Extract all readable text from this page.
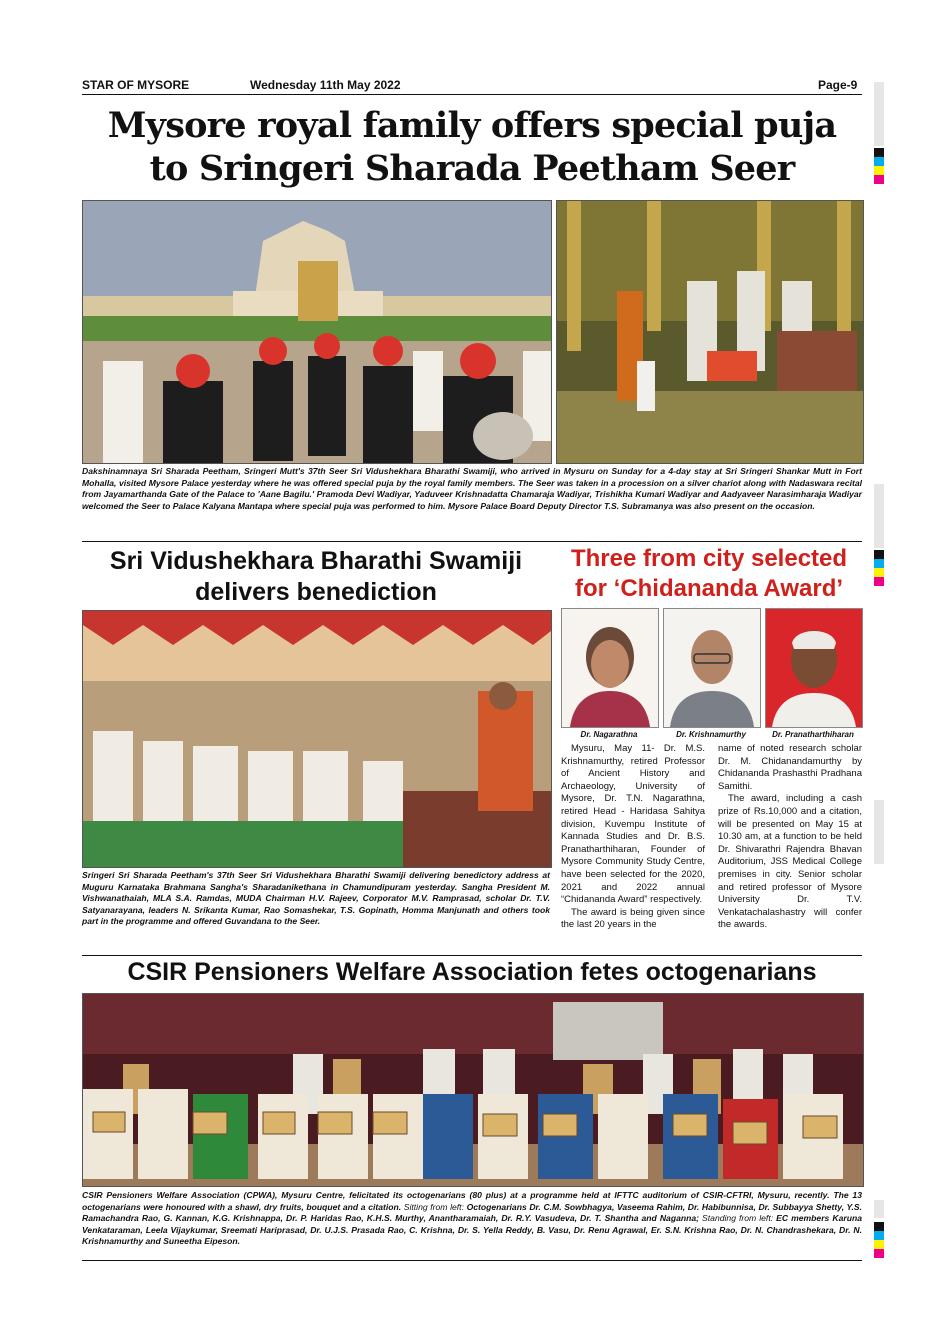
STAR OF MYSORE	Wednesday 11th May 2022	Page-9
Mysore royal family offers special puja
to Sringeri Sharada Peetham Seer
Dakshinamnaya Sri Sharada Peetham, Sringeri Mutt's 37th Seer Sri Vidushekhara Bharathi Swamiji, who arrived in Mysuru on Sunday for a 4-day stay at Sri Sringeri Shankar Mutt in Fort Mohalla, visited Mysore Palace yesterday where he was offered special puja by the royal family members. The Seer was taken in a procession on a silver chariot along with Nadaswara recital from Jayamarthanda Gate of the Palace to 'Aane Bagilu.' Pramoda Devi Wadiyar, Yaduveer Krishnadatta Chamaraja Wadiyar, Trishikha Kumari Wadiyar and Aadyaveer Narasimharaja Wadiyar welcomed the Seer to Palace Kalyana Mantapa where special puja was performed to him. Mysore Palace Board Deputy Director T.S. Subramanya was also present on the occasion.
Sri Vidushekhara Bharathi Swamiji
delivers benediction
Sringeri Sri Sharada Peetham's 37th Seer Sri Vidushekhara Bharathi Swamiji delivering benedictory address at Muguru Karnataka Brahmana Sangha's Sharadanikethana in Chamundipuram yesterday. Sangha President M. Vishwanathaiah, MLA S.A. Ramdas, MUDA Chairman H.V. Rajeev, Corporator M.V. Ramprasad, scholar Dr. T.V. Satyanarayana, leaders N. Srikanta Kumar, Rao Somashekar, T.S. Gopinath, Homma Manjunath and others took part in the programme and offered Guvandana to the Seer.
Three from city selected
for ‘Chidananda Award’
Dr. Nagarathna	Dr. Krishnamurthy	Dr. Pranatharthiharan

Mysuru, May 11- Dr. M.S. Krishnamurthy, retired Professor of Ancient History and Archaeology, University of Mysore, Dr. T.N. Nagarathna, retired Head - Haridasa Sahitya division, Kuvempu Institute of Kannada Studies and Dr. B.S. Pranatharthiharan, Founder of Mysore Community Study Centre, have been selected for the 2020, 2021 and 2022 annual “Chidananda Award” respectively.

The award is being given since the last 20 years in the

name of noted research scholar Dr. M. Chidanandamurthy by Chidananda Prashasthi Pradhana Samithi.

The award, including a cash prize of Rs.10,000 and a citation, will be presented on May 15 at 10.30 am, at a function to be held Dr. Shivarathri Rajendra Bhavan Auditorium, JSS Medical College premises in city. Senior scholar and retired professor of Mysore University Dr. T.V. Venkatachalashastry will confer the awards.

CSIR Pensioners Welfare Association fetes octogenarians
CSIR Pensioners Welfare Association (CPWA), Mysuru Centre, felicitated its octogenarians (80 plus) at a programme held at IFTTC auditorium of CSIR-CFTRI, Mysuru, recently. The 13 octogenarians were honoured with a shawl, dry fruits, bouquet and a citation. Sitting from left: Octogenarians Dr. C.M. Sowbhagya, Vaseema Rahim, Dr. Habibunnisa, Dr. Subbayya Shetty, Y.S. Ramachandra Rao, G. Kannan, K.G. Krishnappa, Dr. P. Haridas Rao, K.H.S. Murthy, Anantharamaiah, Dr. R.Y. Vasudeva, Dr. T. Shantha and Naganna; Standing from left: EC members Karuna Venkataraman, Leela Vijaykumar, Sreemati Hariprasad, Dr. U.J.S. Prasada Rao, C. Krishna, Dr. S. Yella Reddy, B. Vasu, Dr. Renu Agrawal, Er. S.N. Krishna Rao, Dr. N. Chandrashekara, Dr. N. Krishnamurthy and Suneetha Eipeson.
